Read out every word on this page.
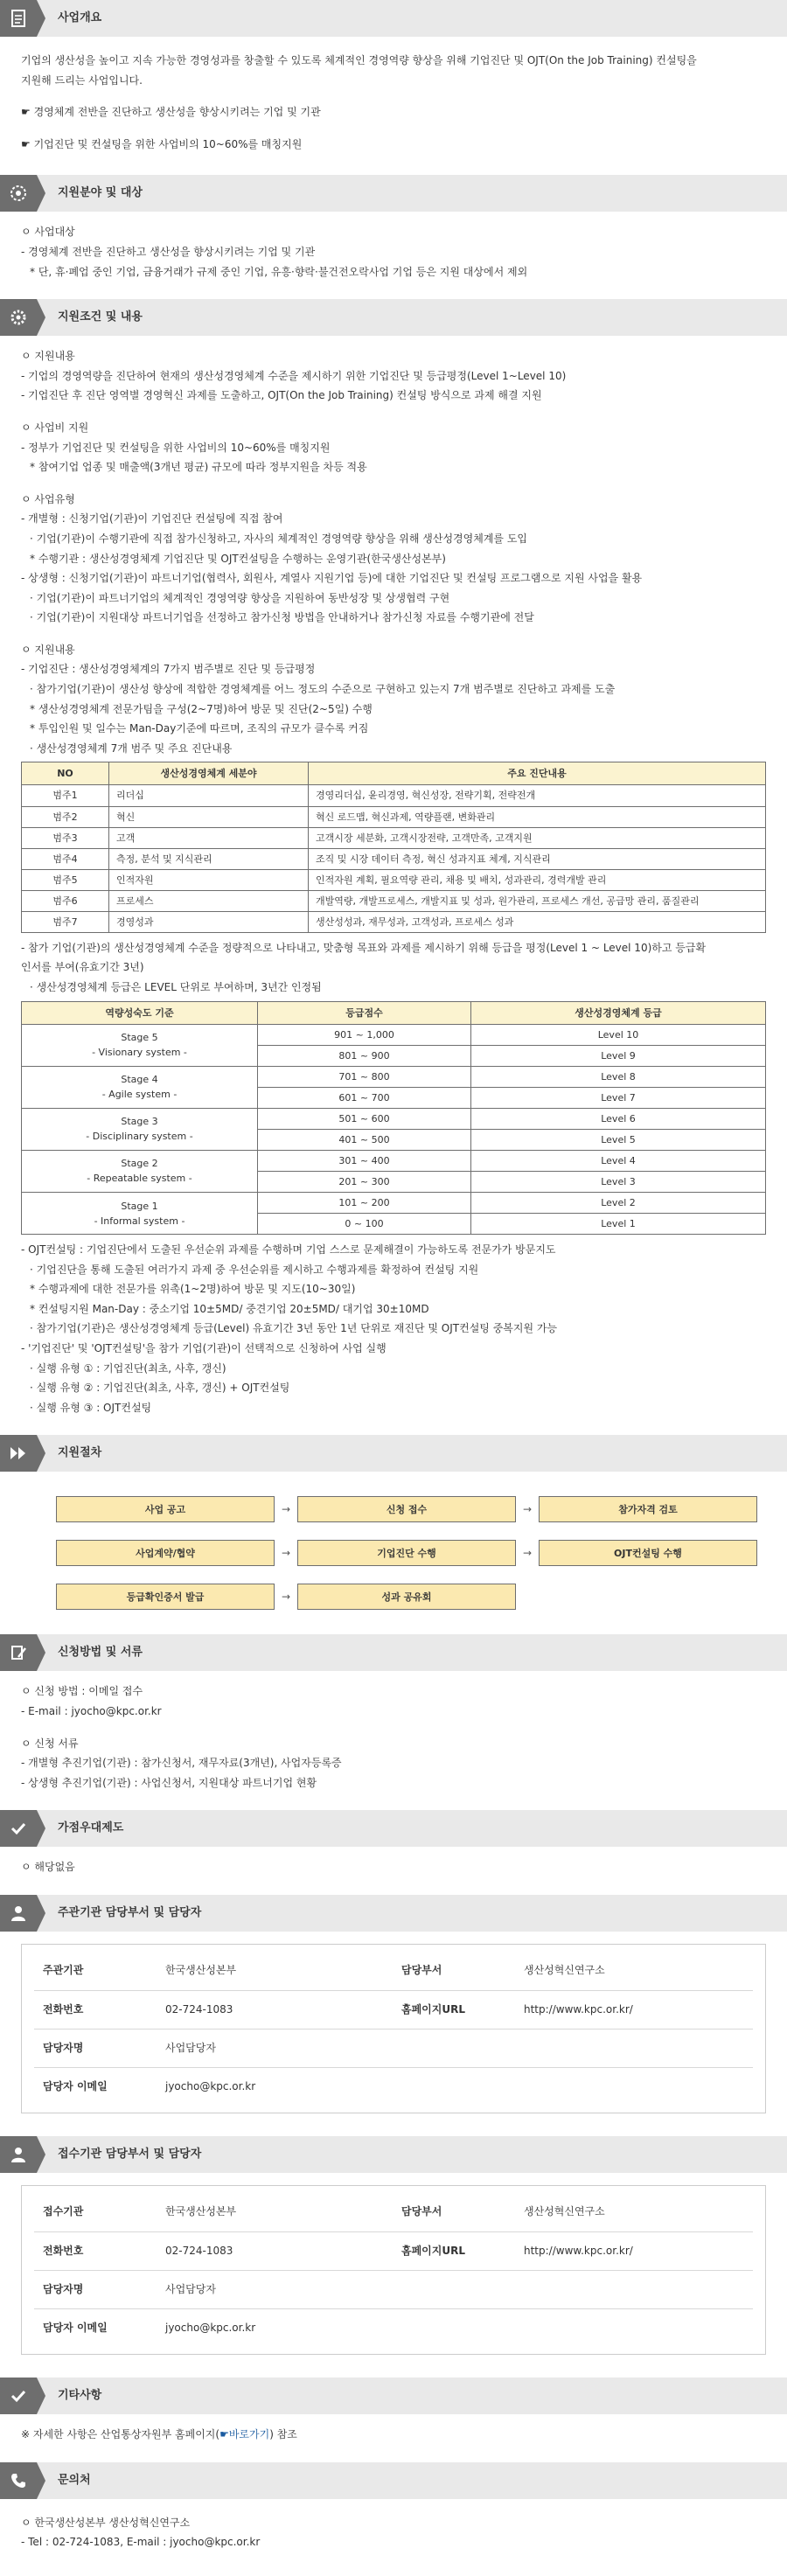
사업개요
기업의 생산성을 높이고 지속 가능한 경영성과를 창출할 수 있도록 체계적인 경영역량 향상을 위해 기업진단 및 OJT(On the Job Training) 컨설팅을
지원해 드리는 사업입니다.
☛ 경영체계 전반을 진단하고 생산성을 향상시키려는 기업 및 기관
☛ 기업진단 및 컨설팅을 위한 사업비의 10~60%를 매칭지원
지원분야 및 대상
ㅇ 사업대상
- 경영체계 전반을 진단하고 생산성을 향상시키려는 기업 및 기관
* 단, 휴·폐업 중인 기업, 금융거래가 규제 중인 기업, 유흥·향락·불건전오락사업 기업 등은 지원 대상에서 제외
지원조건 및 내용
ㅇ 지원내용
- 기업의 경영역량을 진단하여 현재의 생산성경영체계 수준을 제시하기 위한 기업진단 및 등급평정(Level 1~Level 10)
- 기업진단 후 진단 영역별 경영혁신 과제를 도출하고, OJT(On the Job Training) 컨설팅 방식으로 과제 해결 지원
ㅇ 사업비 지원
- 정부가 기업진단 및 컨설팅을 위한 사업비의 10~60%를 매칭지원
* 참여기업 업종 및 매출액(3개년 평균) 규모에 따라 정부지원을 차등 적용
ㅇ 사업유형
- 개별형 : 신청기업(기관)이 기업진단 컨설팅에 직접 참여
· 기업(기관)이 수행기관에 직접 참가신청하고, 자사의 체계적인 경영역량 향상을 위해 생산성경영체계를 도입
* 수행기관 : 생산성경영체계 기업진단 및 OJT컨설팅을 수행하는 운영기관(한국생산성본부)
- 상생형 : 신청기업(기관)이 파트너기업(협력사, 회원사, 계열사 지원기업 등)에 대한 기업진단 및 컨설팅 프로그램으로 지원 사업을 활용
· 기업(기관)이 파트너기업의 체계적인 경영역량 향상을 지원하여 동반성장 및 상생협력 구현
· 기업(기관)이 지원대상 파트너기업을 선정하고 참가신청 방법을 안내하거나 참가신청 자료를 수행기관에 전달
ㅇ 지원내용
- 기업진단 : 생산성경영체계의 7가지 범주별로 진단 및 등급평정
· 참가기업(기관)이 생산성 향상에 적합한 경영체계를 어느 정도의 수준으로 구현하고 있는지 7개 범주별로 진단하고 과제를 도출
* 생산성경영체계 전문가팀을 구성(2~7명)하여 방문 및 진단(2~5일) 수행
* 투입인원 및 일수는 Man-Day기준에 따르며, 조직의 규모가 클수록 커짐
· 생산성경영체계 7개 범주 및 주요 진단내용
NO	생산성경영체계 세분야	주요 진단내용
범주1	리더십	경영리더십, 윤리경영, 혁신성장, 전략기획, 전략전개
범주2	혁신	혁신 로드맵, 혁신과제, 역량플랜, 변화관리
범주3	고객	고객시장 세분화, 고객시장전략, 고객만족, 고객지원
범주4	측정, 분석 및 지식관리	조직 및 시장 데이터 측정, 혁신 성과지표 체계, 지식관리
범주5	인적자원	인적자원 계획, 필요역량 관리, 채용 및 배치, 성과관리, 경력개발 관리
범주6	프로세스	개발역량, 개발프로세스, 개발지표 및 성과, 원가관리, 프로세스 개선, 공급망 관리, 품질관리
범주7	경영성과	생산성성과, 재무성과, 고객성과, 프로세스 성과
- 참가 기업(기관)의 생산성경영체계 수준을 정량적으로 나타내고, 맞춤형 목표와 과제를 제시하기 위해 등급을 평정(Level 1 ~ Level 10)하고 등급확
인서를 부여(유효기간 3년)
· 생산성경영체계 등급은 LEVEL 단위로 부여하며, 3년간 인정됨
역량성숙도 기준	등급점수	생산성경영체계 등급

Stage 5
- Visionary system -	901 ~ 1,000	Level 10
	801 ~ 900	Level 9

Stage 4
- Agile system -	701 ~ 800	Level 8
	601 ~ 700	Level 7

Stage 3
- Disciplinary system -	501 ~ 600	Level 6
	401 ~ 500	Level 5

Stage 2
- Repeatable system -	301 ~ 400	Level 4
	201 ~ 300	Level 3

Stage 1
- Informal system -	101 ~ 200	Level 2
	0 ~ 100	Level 1
- OJT컨설팅 : 기업진단에서 도출된 우선순위 과제를 수행하며 기업 스스로 문제해결이 가능하도록 전문가가 방문지도
· 기업진단을 통해 도출된 여러가지 과제 중 우선순위를 제시하고 수행과제를 확정하여 컨설팅 지원
* 수행과제에 대한 전문가를 위촉(1~2명)하여 방문 및 지도(10~30일)
* 컨설팅지원 Man-Day : 중소기업 10±5MD/ 중견기업 20±5MD/ 대기업 30±10MD
· 참가기업(기관)은 생산성경영체계 등급(Level) 유효기간 3년 동안 1년 단위로 재진단 및 OJT컨설팅 중복지원 가능
- '기업진단' 및 'OJT컨설팅'을 참가 기업(기관)이 선택적으로 신청하여 사업 실행
· 실행 유형 ① : 기업진단(최초, 사후, 갱신)
· 실행 유형 ② : 기업진단(최초, 사후, 갱신) + OJT컨설팅
· 실행 유형 ③ : OJT컨설팅
지원절차
사업 공고	→	신청 접수	→	참가자격 검토
사업계약/협약	→	기업진단 수행	→	OJT컨설팅 수행
등급확인증서 발급	→	성과 공유회
신청방법 및 서류
ㅇ 신청 방법 : 이메일 접수
- E-mail : jyocho@kpc.or.kr
ㅇ 신청 서류
- 개별형 추진기업(기관) : 참가신청서, 재무자료(3개년), 사업자등록증
- 상생형 추진기업(기관) : 사업신청서, 지원대상 파트너기업 현황
가점우대제도
ㅇ 해당없음
주관기관 담당부서 및 담당자
주관기관	한국생산성본부	담당부서	생산성혁신연구소
전화번호	02-724-1083	홈페이지URL	http://www.kpc.or.kr/
담당자명	사업담당자		
담당자 이메일	jyocho@kpc.or.kr		
접수기관 담당부서 및 담당자
접수기관	한국생산성본부	담당부서	생산성혁신연구소
전화번호	02-724-1083	홈페이지URL	http://www.kpc.or.kr/
담당자명	사업담당자		
담당자 이메일	jyocho@kpc.or.kr		
기타사항
※ 자세한 사항은 산업통상자원부 홈페이지(☛바로가기) 참조
문의처
ㅇ 한국생산성본부 생산성혁신연구소
- Tel : 02-724-1083, E-mail : jyocho@kpc.or.kr
